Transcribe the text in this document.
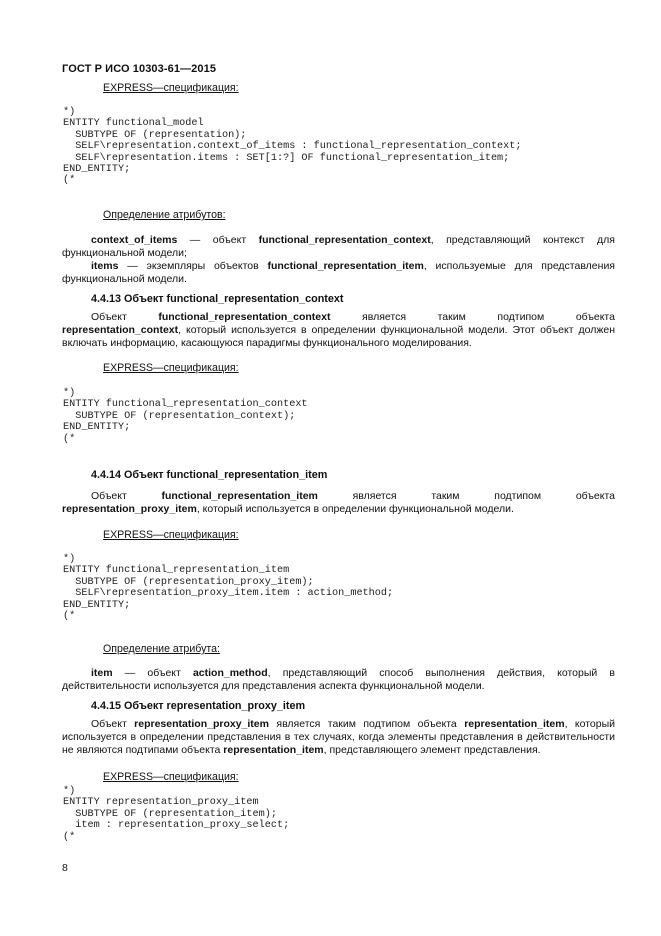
ГОСТ Р ИСО 10303-61—2015
EXPRESS—спецификация:
*)
ENTITY functional_model
SUBTYPE OF (representation);
SELF\representation.context_of_items : functional_representation_context;
SELF\representation.items : SET[1:?] OF functional_representation_item;
END_ENTITY;
(*
Определение атрибутов:

context_of_items — объект functional_representation_context, представляющий контекст для функциональной модели;

items — экземпляры объектов functional_representation_item, используемые для представления функциональной модели.

4.4.13 Объект functional_representation_context
Объект	functional_representation_context	является	таким	подтипом	объекта

representation_context, который используется в определении функциональной модели. Этот объект должен включать информацию, касающуюся парадигмы функционального моделирования.

EXPRESS—спецификация:
*)
ENTITY functional_representation_context
SUBTYPE OF (representation_context);
END_ENTITY;
(*
4.4.14 Объект functional_representation_item
Объект	functional_representation_item	является	таким	подтипом	объекта

representation_proxy_item, который используется в определении функциональной модели.

EXPRESS—спецификация:
*)
ENTITY functional_representation_item
SUBTYPE OF (representation_proxy_item);
SELF\representation_proxy_item.item : action_method;
END_ENTITY;
(*
Определение атрибута:

item — объект action_method, представляющий способ выполнения действия, который в действительности используется для представления аспекта функциональной модели.

4.4.15 Объект representation_proxy_item

Объект representation_proxy_item является таким подтипом объекта representation_item, который используется в определении представления в тех случаях, когда элементы представления в действительности не являются подтипами объекта representation_item, представляющего элемент представления.

EXPRESS—спецификация:
*)
ENTITY representation_proxy_item
SUBTYPE OF (representation_item);
item : representation_proxy_select;
(*
8
